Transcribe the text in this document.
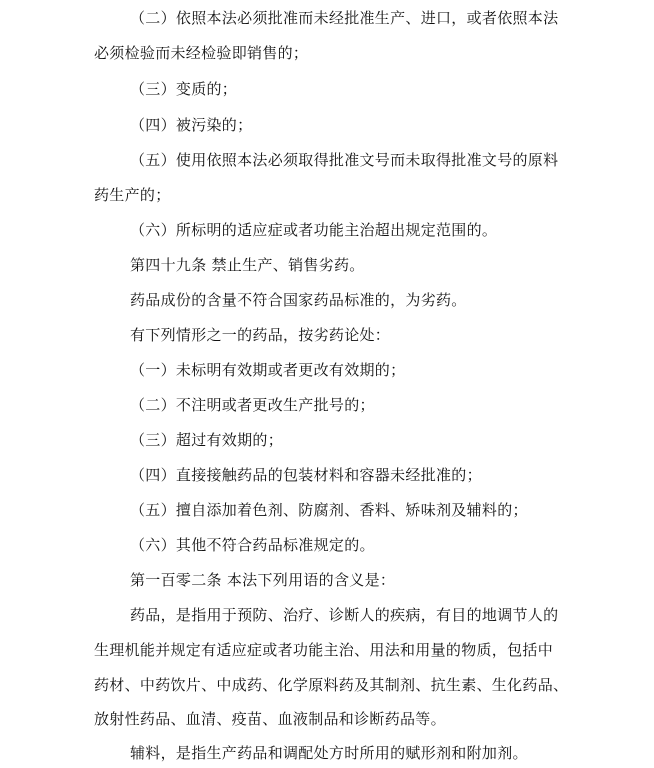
（二）依照本法必须批准而未经批准生产、进口，或者依照本法
必须检验而未经检验即销售的；
（三）变质的；
（四）被污染的；
（五）使用依照本法必须取得批准文号而未取得批准文号的原料
药生产的；
（六）所标明的适应症或者功能主治超出规定范围的。
第四十九条 禁止生产、销售劣药。
药品成份的含量不符合国家药品标准的，为劣药。
有下列情形之一的药品，按劣药论处：
（一）未标明有效期或者更改有效期的；
（二）不注明或者更改生产批号的；
（三）超过有效期的；
（四）直接接触药品的包装材料和容器未经批准的；
（五）擅自添加着色剂、防腐剂、香料、矫味剂及辅料的；
（六）其他不符合药品标准规定的。
第一百零二条 本法下列用语的含义是：
药品，是指用于预防、治疗、诊断人的疾病，有目的地调节人的
生理机能并规定有适应症或者功能主治、用法和用量的物质，包括中
药材、中药饮片、中成药、化学原料药及其制剂、抗生素、生化药品、
放射性药品、血清、疫苗、血液制品和诊断药品等。
辅料，是指生产药品和调配处方时所用的赋形剂和附加剂。
